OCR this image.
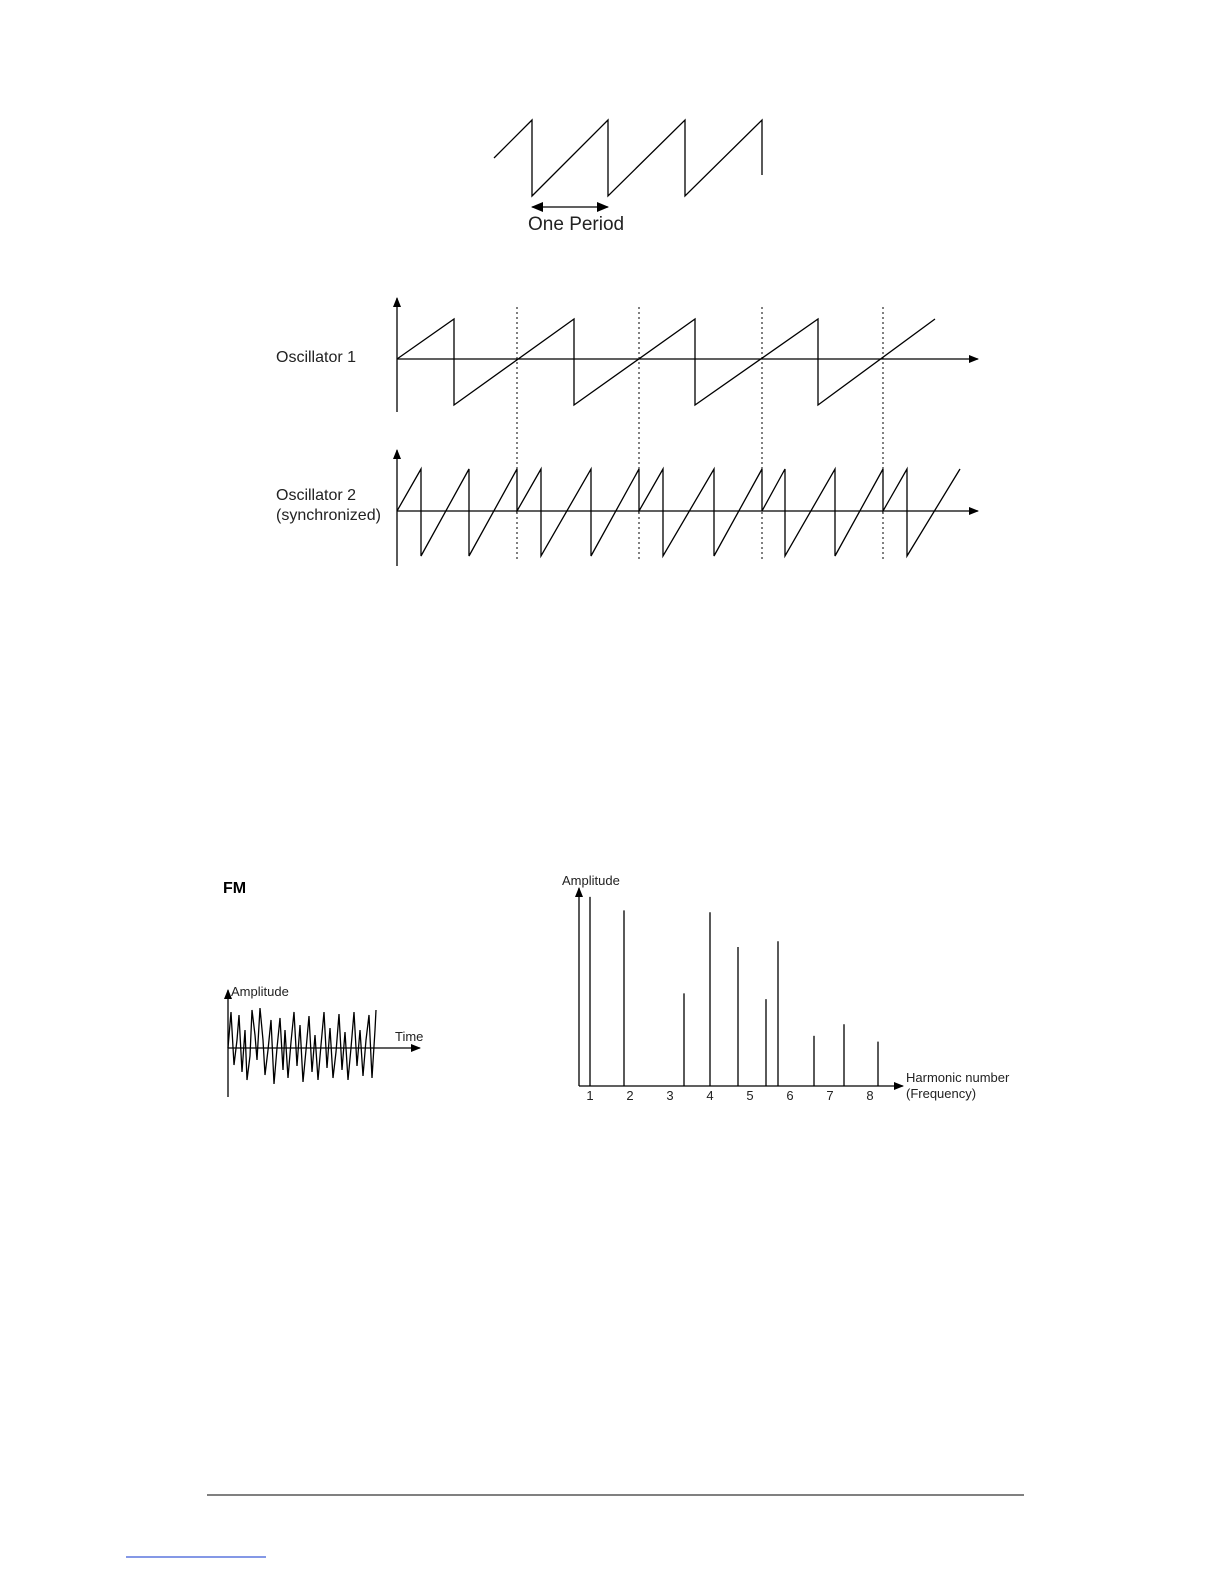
One Period
Oscillator 1
Oscillator 2
(synchronized)
FM
Amplitude
Time
Amplitude
Harmonic number
(Frequency)
1	2	3	4	5	6	7	8
